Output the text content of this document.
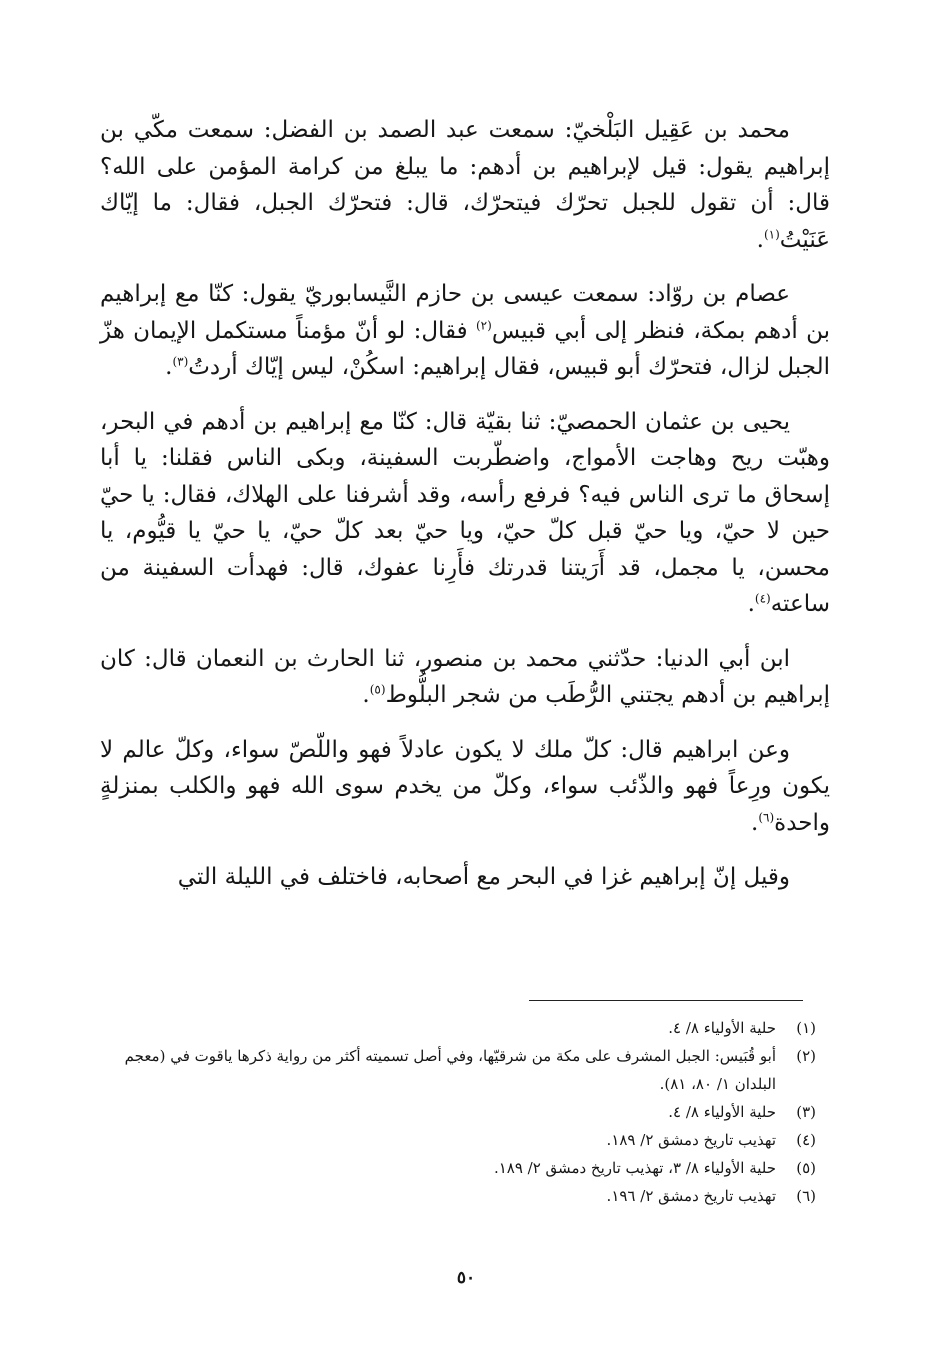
محمد بن عَقِيل البَلْخيّ: سمعت عبد الصمد بن الفضل: سمعت مكّي بن إبراهيم يقول: قيل لإبراهيم بن أدهم: ما يبلغ من كرامة المؤمن على الله؟ قال: أن تقول للجبل تحرّك فيتحرّك، قال: فتحرّك الجبل، فقال: ما إيّاك عَنَيْتُ$^{(١)}$.

عصام بن روّاد: سمعت عيسى بن حازم النَّيسابوريّ يقول: كنّا مع إبراهيم بن أدهم بمكة، فنظر إلى أبي قبيس$^{(٢)}$ فقال: لو أنّ مؤمناً مستكمل الإيمان هزّ الجبل لزال، فتحرّك أبو قبيس، فقال إبراهيم: اسكُنْ، ليس إيّاك أردتُ$^{(٣)}$.

يحيى بن عثمان الحمصيّ: ثنا بقيّة قال: كنّا مع إبراهيم بن أدهم في البحر، وهبّت ريح وهاجت الأمواج، واضطّربت السفينة، وبكى الناس فقلنا: يا أبا إسحاق ما ترى الناس فيه؟ فرفع رأسه، وقد أشرفنا على الهلاك، فقال: يا حيّ حين لا حيّ، ويا حيّ قبل كلّ حيّ، ويا حيّ بعد كلّ حيّ، يا حيّ يا قيُّوم، يا محسن، يا مجمل، قد أَرَيتنا قدرتك فأَرِنا عفوك، قال: فهدأت السفينة من ساعته$^{(٤)}$.

ابن أبي الدنيا: حدّثني محمد بن منصور، ثنا الحارث بن النعمان قال: كان إبراهيم بن أدهم يجتني الرُّطَب من شجر البلُّوط$^{(٥)}$.

وعن ابراهيم قال: كلّ ملك لا يكون عادلاً فهو واللّصّ سواء، وكلّ عالم لا يكون ورِعاً فهو والذّئب سواء، وكلّ من يخدم سوى الله فهو والكلب بمنزلةٍ واحدة$^{(٦)}$.

وقيل إنّ إبراهيم غزا في البحر مع أصحابه، فاختلف في الليلة التي

(١)
حلية الأولياء ٨/ ٤.
(٢)
أبو قُبَيس: الجبل المشرف على مكة من شرقيّها، وفي أصل تسميته أكثر من رواية ذكرها ياقوت في (معجم البلدان ١/ ٨٠، ٨١).
(٣)
حلية الأولياء ٨/ ٤.
(٤)
تهذيب تاريخ دمشق ٢/ ١٨٩.
(٥)
حلية الأولياء ٨/ ٣، تهذيب تاريخ دمشق ٢/ ١٨٩.
(٦)
تهذيب تاريخ دمشق ٢/ ١٩٦.
٥٠
